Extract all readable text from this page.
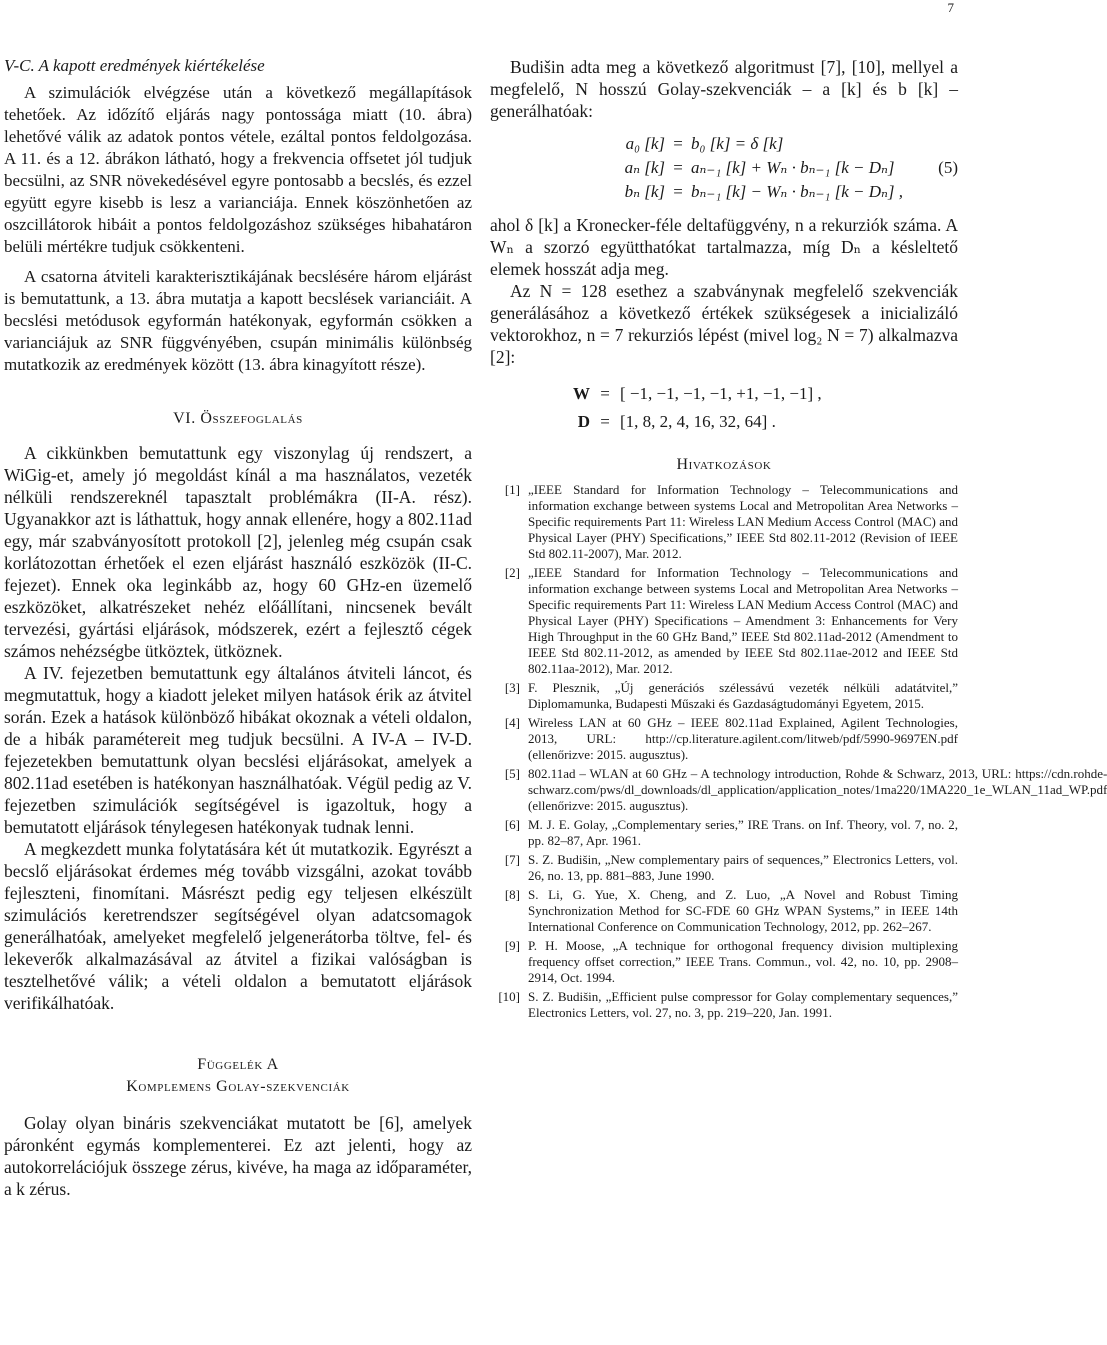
7
V-C. A kapott eredmények kiértékelése

A szimulációk elvégzése után a következő megállapítások tehetőek. Az időzítő eljárás nagy pontossága miatt (10. ábra) lehetővé válik az adatok pontos vétele, ezáltal pontos feldolgozása. A 11. és a 12. ábrákon látható, hogy a frekvencia offsetet jól tudjuk becsülni, az SNR növekedésével egyre pontosabb a becslés, és ezzel együtt egyre kisebb is lesz a varianciája. Ennek köszönhetően az oszcillátorok hibáit a pontos feldolgozáshoz szükséges hibahatáron belüli mértékre tudjuk csökkenteni.

A csatorna átviteli karakterisztikájának becslésére három eljárást is bemutattunk, a 13. ábra mutatja a kapott becslések varianciáit. A becslési metódusok egyformán hatékonyak, egyformán csökken a varianciájuk az SNR függvényében, csupán minimális különbség mutatkozik az eredmények között (13. ábra kinagyított része).

VI. Összefoglalás

A cikkünkben bemutattunk egy viszonylag új rendszert, a WiGig-et, amely jó megoldást kínál a ma használatos, vezeték nélküli rendszereknél tapasztalt problémákra (II-A. rész). Ugyanakkor azt is láthattuk, hogy annak ellenére, hogy a 802.11ad egy, már szabványosított protokoll [2], jelenleg még csupán csak korlátozottan érhetőek el ezen eljárást használó eszközök (II-C. fejezet). Ennek oka leginkább az, hogy 60 GHz-en üzemelő eszközöket, alkatrészeket nehéz előállítani, nincsenek bevált tervezési, gyártási eljárások, módszerek, ezért a fejlesztő cégek számos nehézségbe ütköztek, ütköznek.

A IV. fejezetben bemutattunk egy általános átviteli láncot, és megmutattuk, hogy a kiadott jeleket milyen hatások érik az átvitel során. Ezek a hatások különböző hibákat okoznak a vételi oldalon, de a hibák paramétereit meg tudjuk becsülni. A IV-A – IV-D. fejezetekben bemutattunk olyan becslési eljárásokat, amelyek a 802.11ad esetében is hatékonyan használhatóak. Végül pedig az V. fejezetben szimulációk segítségével is igazoltuk, hogy a bemutatott eljárások ténylegesen hatékonyak tudnak lenni.

A megkezdett munka folytatására két út mutatkozik. Egyrészt a becslő eljárásokat érdemes még tovább vizsgálni, azokat tovább fejleszteni, finomítani. Másrészt pedig egy teljesen elkészült szimulációs keretrendszer segítségével olyan adatcsomagok generálhatóak, amelyeket megfelelő jelgenerátorba töltve, fel- és lekeverők alkalmazásával az átvitel a fizikai valóságban is tesztelhetővé válik; a vételi oldalon a bemutatott eljárások verifikálhatóak.

Függelék A
Komplemens Golay-szekvenciák

Golay olyan bináris szekvenciákat mutatott be [6], amelyek páronként egymás komplementerei. Ez azt jelenti, hogy az autokorrelációjuk összege zérus, kivéve, ha maga az időparaméter, a k zérus.

Budišin adta meg a következő algoritmust [7], [10], mellyel a megfelelő, N hosszú Golay-szekvenciák – a [k] és b [k] – generálhatóak:

a₀ [k] = b₀ [k] = δ [k]
aₙ [k] = aₙ₋₁ [k] + Wₙ · bₙ₋₁ [k − Dₙ]	(5)
bₙ [k] = bₙ₋₁ [k] − Wₙ · bₙ₋₁ [k − Dₙ] ,

ahol δ [k] a Kronecker-féle deltafüggvény, n a rekurziók száma. A Wₙ a szorzó együtthatókat tartalmazza, míg Dₙ a késleltető elemek hosszát adja meg.

Az N = 128 esethez a szabványnak megfelelő szekvenciák generálásához a következő értékek szükségesek a inicializáló vektorokhoz, n = 7 rekurziós lépést (mivel log₂ N = 7) alkalmazva [2]:

W = [ −1, −1, −1, −1, +1, −1, −1] ,
D = [1, 8, 2, 4, 16, 32, 64] .
Hivatkozások
[1] „IEEE Standard for Information Technology – Telecommunications and information exchange between systems Local and Metropolitan Area Networks – Specific requirements Part 11: Wireless LAN Medium Access Control (MAC) and Physical Layer (PHY) Specifications,” IEEE Std 802.11-2012 (Revision of IEEE Std 802.11-2007), Mar. 2012.
[2] „IEEE Standard for Information Technology – Telecommunications and information exchange between systems Local and Metropolitan Area Networks – Specific requirements Part 11: Wireless LAN Medium Access Control (MAC) and Physical Layer (PHY) Specifications – Amendment 3: Enhancements for Very High Throughput in the 60 GHz Band,” IEEE Std 802.11ad-2012 (Amendment to IEEE Std 802.11-2012, as amended by IEEE Std 802.11ae-2012 and IEEE Std 802.11aa-2012), Mar. 2012.
[3] F. Plesznik, „Új generációs szélessávú vezeték nélküli adatátvitel,” Diplomamunka, Budapesti Műszaki és Gazdaságtudományi Egyetem, 2015.
[4] Wireless LAN at 60 GHz – IEEE 802.11ad Explained, Agilent Technologies, 2013, URL: http://cp.literature.agilent.com/litweb/pdf/5990-9697EN.pdf (ellenőrizve: 2015. augusztus).
[5] 802.11ad – WLAN at 60 GHz – A technology introduction, Rohde & Schwarz, 2013, URL: https://cdn.rohde-schwarz.com/pws/dl_downloads/dl_application/application_notes/1ma220/1MA220_1e_WLAN_11ad_WP.pdf (ellenőrizve: 2015. augusztus).
[6] M. J. E. Golay, „Complementary series,” IRE Trans. on Inf. Theory, vol. 7, no. 2, pp. 82–87, Apr. 1961.
[7] S. Z. Budišin, „New complementary pairs of sequences,” Electronics Letters, vol. 26, no. 13, pp. 881–883, June 1990.
[8] S. Li, G. Yue, X. Cheng, and Z. Luo, „A Novel and Robust Timing Synchronization Method for SC-FDE 60 GHz WPAN Systems,” in IEEE 14th International Conference on Communication Technology, 2012, pp. 262–267.
[9] P. H. Moose, „A technique for orthogonal frequency division multiplexing frequency offset correction,” IEEE Trans. Commun., vol. 42, no. 10, pp. 2908–2914, Oct. 1994.
[10] S. Z. Budišin, „Efficient pulse compressor for Golay complementary sequences,” Electronics Letters, vol. 27, no. 3, pp. 219–220, Jan. 1991.
